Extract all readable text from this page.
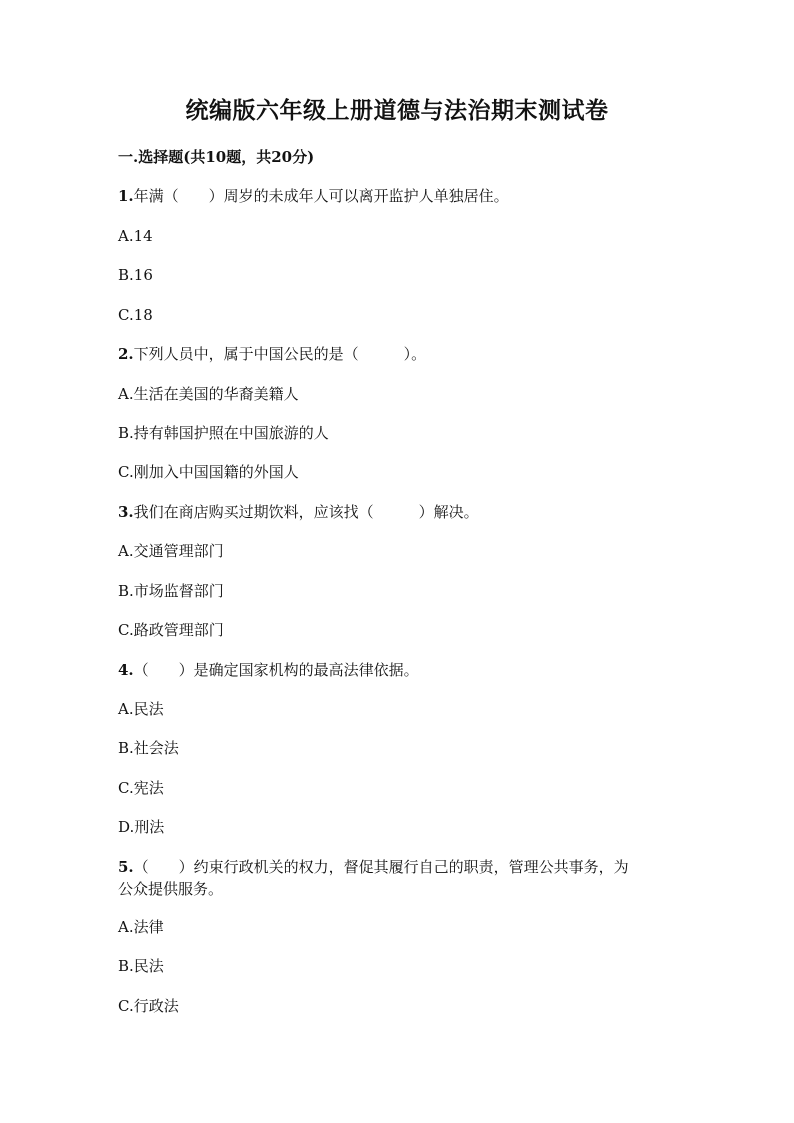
统编版六年级上册道德与法治期末测试卷
一.选择题(共10题，共20分)
1.年满（　　）周岁的未成年人可以离开监护人单独居住。
A.14
B.16
C.18
2.下列人员中，属于中国公民的是（　　　）。
A.生活在美国的华裔美籍人
B.持有韩国护照在中国旅游的人
C.刚加入中国国籍的外国人
3.我们在商店购买过期饮料，应该找（　　　）解决。
A.交通管理部门
B.市场监督部门
C.路政管理部门
4.（　　）是确定国家机构的最高法律依据。
A.民法
B.社会法
C.宪法
D.刑法
5.（　　）约束行政机关的权力，督促其履行自己的职责，管理公共事务，为
公众提供服务。
A.法律
B.民法
C.行政法
